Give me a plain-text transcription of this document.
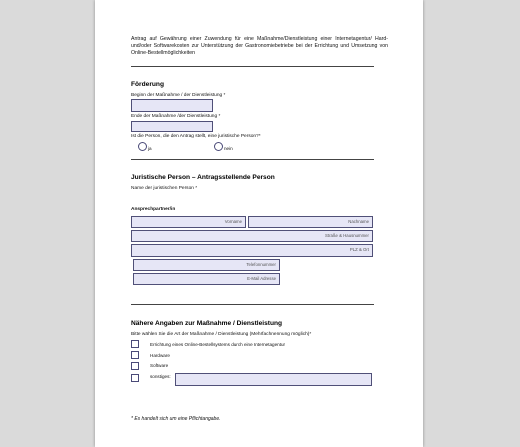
Antrag auf Gewährung einer Zuwendung für eine Maßnahme/Dienstleistung einer Internetagentur/ Hard- und/oder Softwarekosten zur Unterstützung der Gastronomiebetriebe bei der Errichtung und Umsetzung von Online-Bestellmöglichkeiten
Förderung
Beginn der Maßnahme / der Dienstleistung *
Ende der Maßnahme /der Dienstleistung *
Ist die Person, die den Antrag stellt, eine juristische Person?*
ja	nein
Juristische Person – Antragsstellende Person
Name der juristischen Person *
Ansprechpartner/in
Vorname	Nachname
Straße & Hausnummer
PLZ & Ort
Telefonnummer
E-Mail Adresse
Nähere Angaben zur Maßnahme / Dienstleistung
Bitte wählen Sie die Art der Maßnahme / Dienstleistung (Mehrfachnennung möglich)*
Errichtung eines Online-Bestellsystems durch eine Internetagentur
Hardware
Software
sonstiges:
* Es handelt sich um eine Pflichtangabe.
